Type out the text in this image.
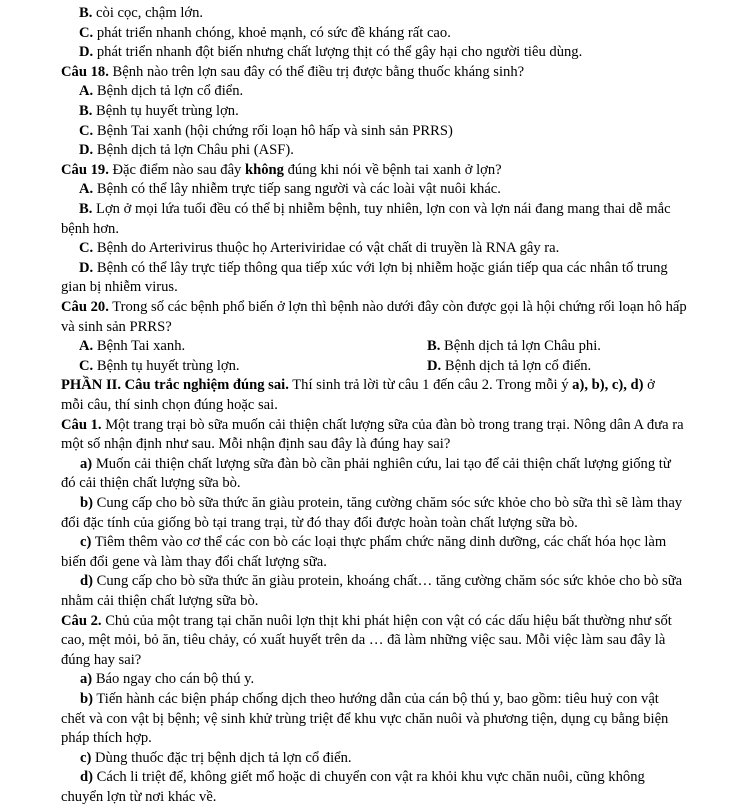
B. còi cọc, chậm lớn.
C. phát triển nhanh chóng, khoẻ mạnh, có sức đề kháng rất cao.
D. phát triển nhanh đột biến nhưng chất lượng thịt có thể gây hại cho người tiêu dùng.
Câu 18. Bệnh nào trên lợn sau đây có thể điều trị được bằng thuốc kháng sinh?
A. Bệnh dịch tả lợn cổ điển.
B. Bệnh tụ huyết trùng lợn.
C. Bệnh Tai xanh (hội chứng rối loạn hô hấp và sinh sản PRRS)
D. Bệnh dịch tả lợn Châu phi (ASF).
Câu 19. Đặc điểm nào sau đây không đúng khi nói về bệnh tai xanh ở lợn?
A. Bệnh có thể lây nhiễm trực tiếp sang người và các loài vật nuôi khác.
B. Lợn ở mọi lứa tuổi đều có thể bị nhiễm bệnh, tuy nhiên, lợn con và lợn nái đang mang thai dễ mắc
bệnh hơn.
C. Bệnh do Arterivirus thuộc họ Arteriviridae có vật chất di truyền là RNA gây ra.
D. Bệnh có thể lây trực tiếp thông qua tiếp xúc với lợn bị nhiễm hoặc gián tiếp qua các nhân tố trung
gian bị nhiễm virus.
Câu 20. Trong số các bệnh phổ biến ở lợn thì bệnh nào dưới đây còn được gọi là hội chứng rối loạn hô hấp
và sinh sản PRRS?
A. Bệnh Tai xanh.	B. Bệnh dịch tả lợn Châu phi.
C. Bệnh tụ huyết trùng lợn.	D. Bệnh dịch tả lợn cổ điển.
PHẦN II. Câu trắc nghiệm đúng sai. Thí sinh trả lời từ câu 1 đến câu 2. Trong mỗi ý a), b), c), d) ở
mỗi câu, thí sinh chọn đúng hoặc sai.
Câu 1. Một trang trại bò sữa muốn cải thiện chất lượng sữa của đàn bò trong trang trại. Nông dân A đưa ra
một số nhận định như sau. Mỗi nhận định sau đây là đúng hay sai?
a) Muốn cải thiện chất lượng sữa đàn bò cần phải nghiên cứu, lai tạo để cải thiện chất lượng giống từ
đó cải thiện chất lượng sữa bò.
b) Cung cấp cho bò sữa thức ăn giàu protein, tăng cường chăm sóc sức khỏe cho bò sữa thì sẽ làm thay
đổi đặc tính của giống bò tại trang trại, từ đó thay đổi được hoàn toàn chất lượng sữa bò.
c) Tiêm thêm vào cơ thể các con bò các loại thực phẩm chức năng dinh dưỡng, các chất hóa học làm
biến đổi gene và làm thay đổi chất lượng sữa.
d) Cung cấp cho bò sữa thức ăn giàu protein, khoáng chất… tăng cường chăm sóc sức khỏe cho bò sữa
nhằm cải thiện chất lượng sữa bò.
Câu 2. Chủ của một trang tại chăn nuôi lợn thịt khi phát hiện con vật có các dấu hiệu bất thường như sốt
cao, mệt mỏi, bỏ ăn, tiêu chảy, có xuất huyết trên da … đã làm những việc sau. Mỗi việc làm sau đây là
đúng hay sai?
a) Báo ngay cho cán bộ thú y.
b) Tiến hành các biện pháp chống dịch theo hướng dẫn của cán bộ thú y, bao gồm: tiêu huỷ con vật
chết và con vật bị bệnh; vệ sinh khử trùng triệt để khu vực chăn nuôi và phương tiện, dụng cụ bằng biện
pháp thích hợp.
c) Dùng thuốc đặc trị bệnh dịch tả lợn cổ điển.
d) Cách li triệt để, không giết mổ hoặc di chuyển con vật ra khỏi khu vực chăn nuôi, cũng không
chuyển lợn từ nơi khác về.
